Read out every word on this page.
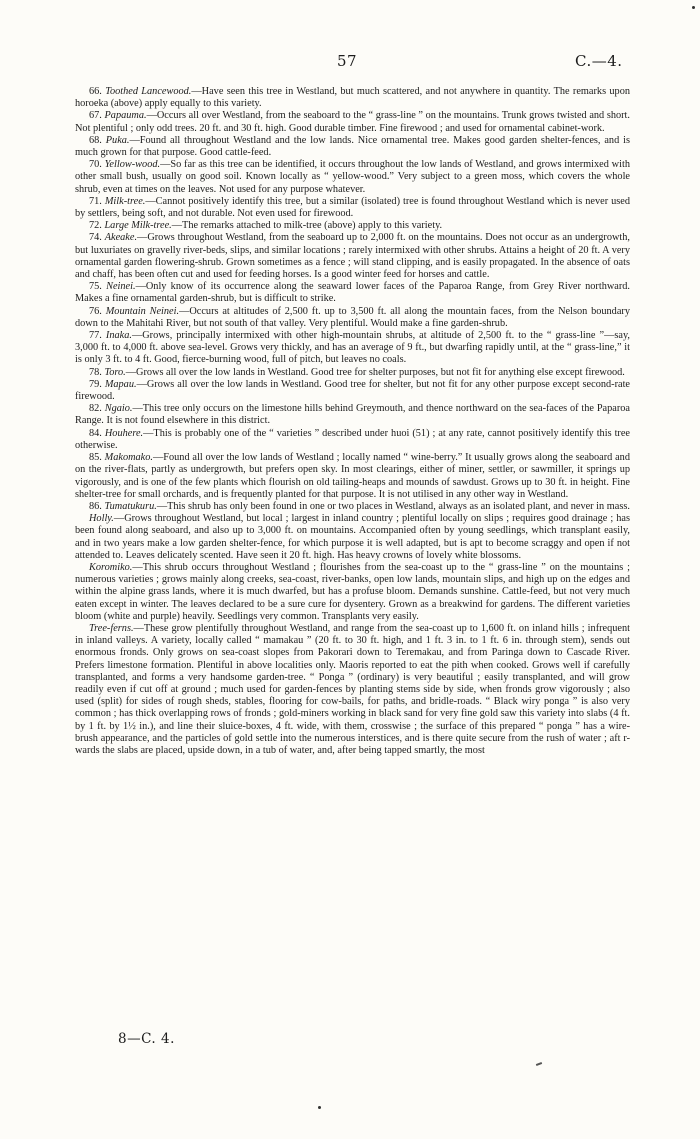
57	C.—4.

66. Toothed Lancewood.—Have seen this tree in Westland, but much scattered, and not anywhere in quantity. The remarks upon horoeka (above) apply equally to this variety.

67. Papauma.—Occurs all over Westland, from the seaboard to the “ grass-line ” on the mountains. Trunk grows twisted and short. Not plentiful ; only odd trees. 20 ft. and 30 ft. high. Good durable timber. Fine firewood ; and used for ornamental cabinet-work.

68. Puka.—Found all throughout Westland and the low lands. Nice ornamental tree. Makes good garden shelter-fences, and is much grown for that purpose. Good cattle-feed.

70. Yellow-wood.—So far as this tree can be identified, it occurs throughout the low lands of Westland, and grows intermixed with other small bush, usually on good soil. Known locally as “ yellow-wood.” Very subject to a green moss, which covers the whole shrub, even at times on the leaves. Not used for any purpose whatever.

71. Milk-tree.—Cannot positively identify this tree, but a similar (isolated) tree is found throughout Westland which is never used by settlers, being soft, and not durable. Not even used for firewood.

72. Large Milk-tree.—The remarks attached to milk-tree (above) apply to this variety.

74. Akeake.—Grows throughout Westland, from the seaboard up to 2,000 ft. on the mountains. Does not occur as an undergrowth, but luxuriates on gravelly river-beds, slips, and similar locations ; rarely intermixed with other shrubs. Attains a height of 20 ft. A very ornamental garden flowering-shrub. Grown sometimes as a fence ; will stand clipping, and is easily propagated. In the absence of oats and chaff, has been often cut and used for feeding horses. Is a good winter feed for horses and cattle.

75. Neinei.—Only know of its occurrence along the seaward lower faces of the Paparoa Range, from Grey River northward. Makes a fine ornamental garden-shrub, but is difficult to strike.

76. Mountain Neinei.—Occurs at altitudes of 2,500 ft. up to 3,500 ft. all along the mountain faces, from the Nelson boundary down to the Mahitahi River, but not south of that valley. Very plentiful. Would make a fine garden-shrub.

77. Inaka.—Grows, principally intermixed with other high-mountain shrubs, at altitude of 2,500 ft. to the “ grass-line ”—say, 3,000 ft. to 4,000 ft. above sea-level. Grows very thickly, and has an average of 9 ft., but dwarfing rapidly until, at the “ grass-line,” it is only 3 ft. to 4 ft. Good, fierce-burning wood, full of pitch, but leaves no coals.

78. Toro.—Grows all over the low lands in Westland. Good tree for shelter purposes, but not fit for anything else except firewood.

79. Mapau.—Grows all over the low lands in Westland. Good tree for shelter, but not fit for any other purpose except second-rate firewood.

82. Ngaio.—This tree only occurs on the limestone hills behind Greymouth, and thence northward on the sea-faces of the Paparoa Range. It is not found elsewhere in this district.

84. Houhere.—This is probably one of the “ varieties ” described under huoi (51) ; at any rate, cannot positively identify this tree otherwise.

85. Makomako.—Found all over the low lands of Westland ; locally named “ wine-berry.” It usually grows along the seaboard and on the river-flats, partly as undergrowth, but prefers open sky. In most clearings, either of miner, settler, or sawmiller, it springs up vigorously, and is one of the few plants which flourish on old tailing-heaps and mounds of sawdust. Grows up to 30 ft. in height. Fine shelter-tree for small orchards, and is frequently planted for that purpose. It is not utilised in any other way in Westland.

86. Tumatukuru.—This shrub has only been found in one or two places in Westland, always as an isolated plant, and never in mass.

Holly.—Grows throughout Westland, but local ; largest in inland country ; plentiful locally on slips ; requires good drainage ; has been found along seaboard, and also up to 3,000 ft. on mountains. Accompanied often by young seedlings, which transplant easily, and in two years make a low garden shelter-fence, for which purpose it is well adapted, but is apt to become scraggy and open if not attended to. Leaves delicately scented. Have seen it 20 ft. high. Has heavy crowns of lovely white blossoms.

Koromiko.—This shrub occurs throughout Westland ; flourishes from the sea-coast up to the “ grass-line ” on the mountains ; numerous varieties ; grows mainly along creeks, sea-coast, river-banks, open low lands, mountain slips, and high up on the edges and within the alpine grass lands, where it is much dwarfed, but has a profuse bloom. Demands sunshine. Cattle-feed, but not very much eaten except in winter. The leaves declared to be a sure cure for dysentery. Grown as a breakwind for gardens. The different varieties bloom (white and purple) heavily. Seedlings very common. Transplants very easily.

Tree-ferns.—These grow plentifully throughout Westland, and range from the sea-coast up to 1,600 ft. on inland hills ; infrequent in inland valleys. A variety, locally called “ mamakau ” (20 ft. to 30 ft. high, and 1 ft. 3 in. to 1 ft. 6 in. through stem), sends out enormous fronds. Only grows on sea-coast slopes from Pakorari down to Teremakau, and from Paringa down to Cascade River. Prefers limestone formation. Plentiful in above localities only. Maoris reported to eat the pith when cooked. Grows well if carefully transplanted, and forms a very handsome garden-tree. “ Ponga ” (ordinary) is very beautiful ; easily transplanted, and will grow readily even if cut off at ground ; much used for garden-fences by planting stems side by side, when fronds grow vigorously ; also used (split) for sides of rough sheds, stables, flooring for cow-bails, for paths, and bridle-roads. “ Black wiry ponga ” is also very common ; has thick overlapping rows of fronds ; gold-miners working in black sand for very fine gold saw this variety into slabs (4 ft. by 1 ft. by 1½ in.), and line their sluice-boxes, 4 ft. wide, with them, crosswise ; the surface of this prepared “ ponga ” has a wire-brush appearance, and the particles of gold settle into the numerous interstices, and is there quite secure from the rush of water ; aft r-wards the slabs are placed, upside down, in a tub of water, and, after being tapped smartly, the most

8—C. 4.
